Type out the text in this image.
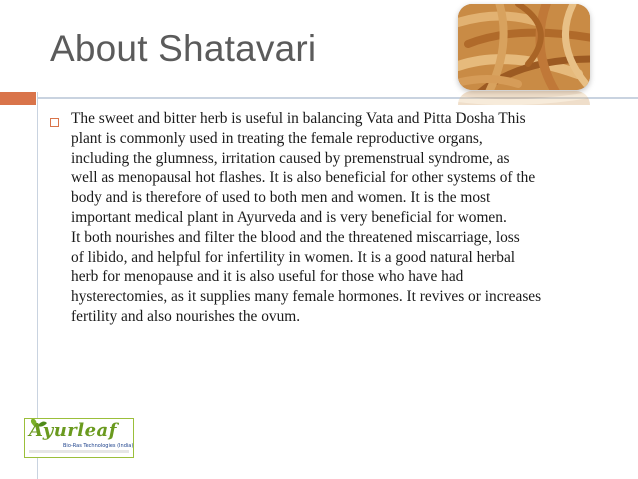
About Shatavari
The sweet and bitter herb is useful in balancing Vata and Pitta Dosha This
plant is commonly used in treating the female reproductive organs,
including the glumness, irritation caused by premenstrual syndrome, as
well as menopausal hot flashes. It is also beneficial for other systems of the
body and is therefore of used to both men and women. It is the most
important medical plant in Ayurveda and is very beneficial for women.
It both nourishes and filter the blood and the threatened miscarriage, loss
of libido, and helpful for infertility in women. It is a good natural herbal
herb for menopause and it is also useful for those who have had
hysterectomies, as it supplies many female hormones. It revives or increases
fertility and also nourishes the ovum.
Ayurleaf
Bio-Ras Technologies (India)
